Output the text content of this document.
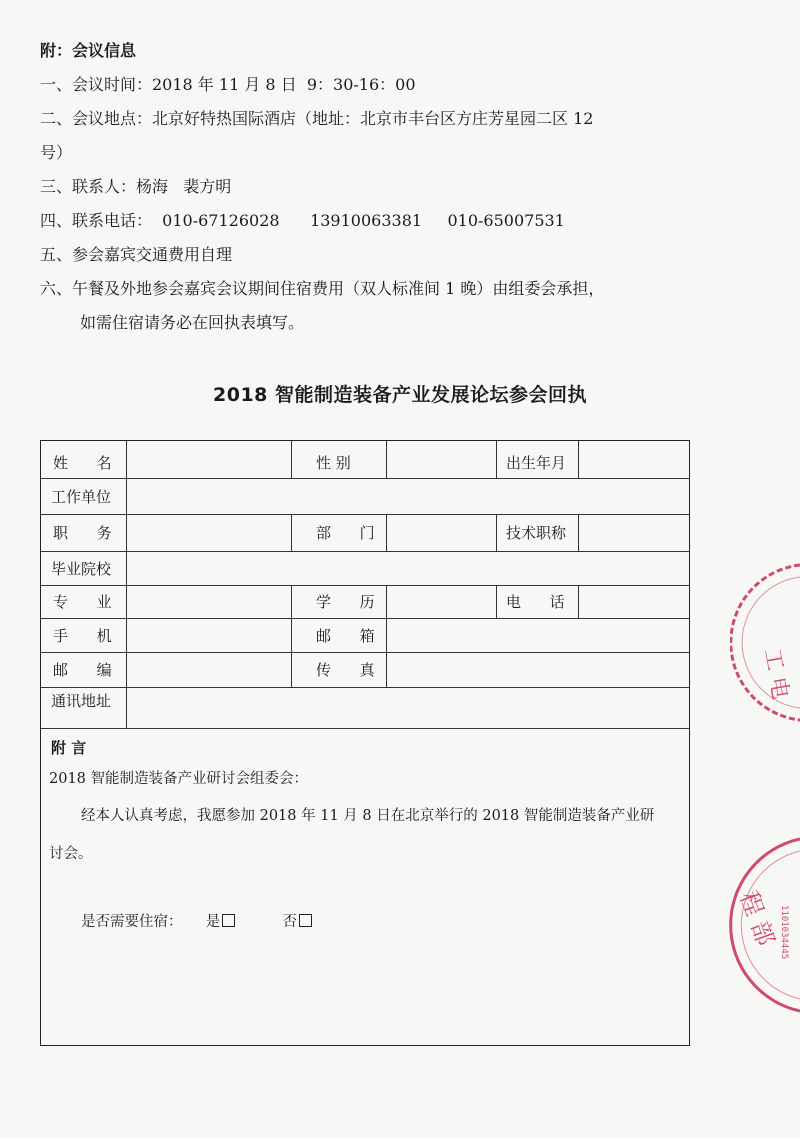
附：会议信息
一、会议时间：2018 年 11 月 8 日  9：30-16：00
二、会议地点：北京好特热国际酒店（地址：北京市丰台区方庄芳星园二区 12
号）
三、联系人：杨海   裴方明
四、联系电话：  010-67126028      13910063381     010-65007531
五、参会嘉宾交通费用自理
六、午餐及外地参会嘉宾会议期间住宿费用（双人标准间 1 晚）由组委会承担，
如需住宿请务必在回执表填写。
2018 智能制造装备产业发展论坛参会回执
姓      名	性 别	出生年月
工作单位
职      务	部      门	技术职称
毕业院校
专      业	学      历	电      话
手      机	邮      箱
邮      编	传      真
通讯地址
附 言
2018 智能制造装备产业研讨会组委会：
经本人认真考虑，我愿参加 2018 年 11 月 8 日在北京举行的 2018 智能制造装备产业研
讨会。
是否需要住宿： 是	否
工 电
程 部 1101034445
